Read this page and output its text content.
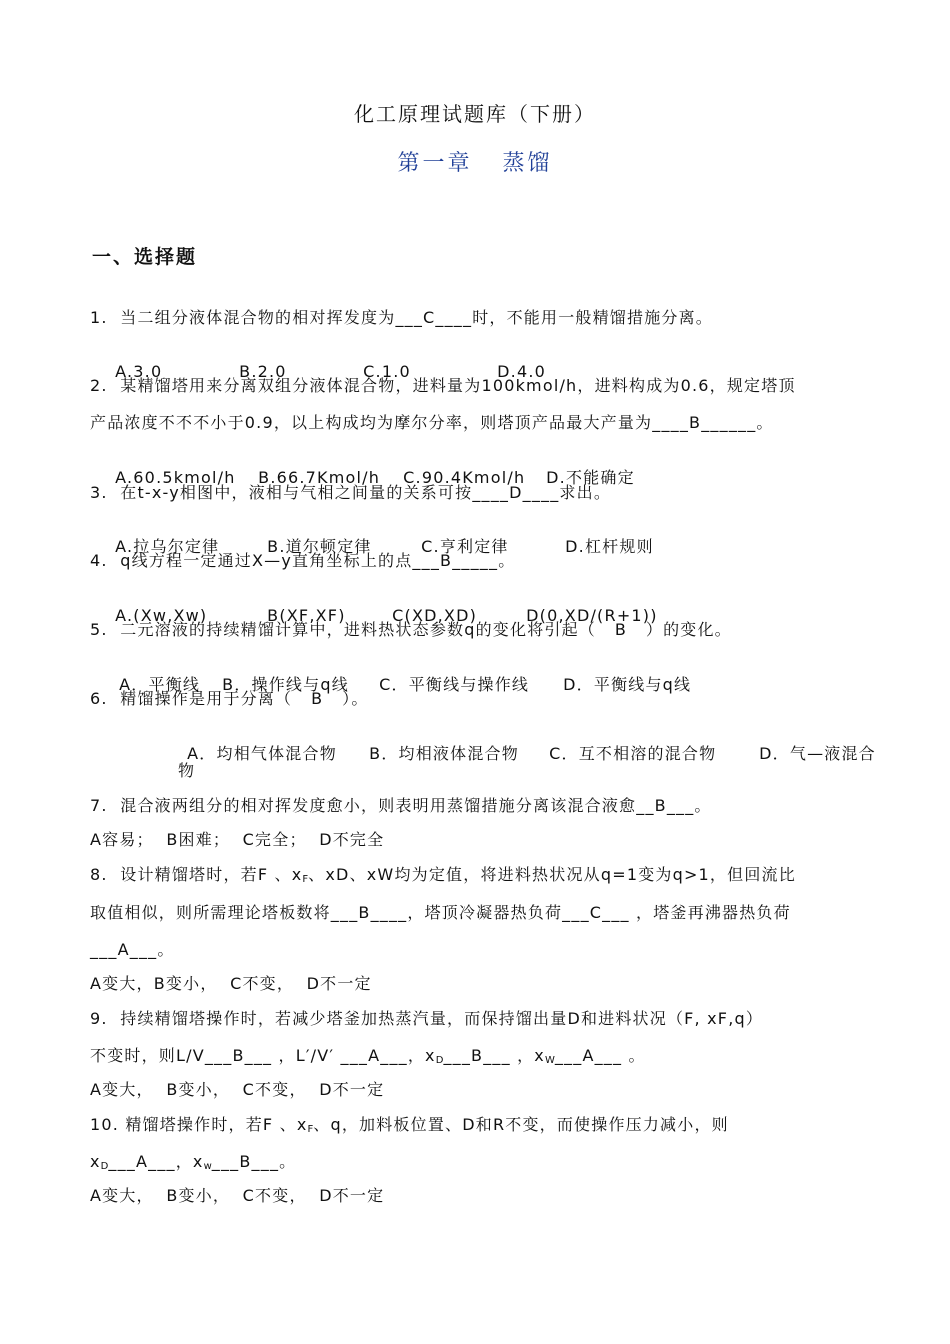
化工原理试题库（下册）
第一章   蒸馏
一、选择题
1.  当二组分液体混合物的相对挥发度为___C____时，不能用一般精馏措施分离。

A.3.0	B.2.0	C.1.0	D.4.0

2.  某精馏塔用来分离双组分液体混合物，进料量为100kmol/h，进料构成为0.6，规定塔顶
产品浓度不不不小于0.9，以上构成均为摩尔分率，则塔顶产品最大产量为____B______。

A.60.5kmol/h B.66.7Kmol/h C.90.4Kmol/h D.不能确定

3.  在t-x-y相图中，液相与气相之间量的关系可按____D____求出。

A.拉乌尔定律	B.道尔顿定律	C.亨利定律	D.杠杆规则

4.  q线方程一定通过X—y直角坐标上的点___B_____。

A.(Xw,Xw)	B(XF,XF)	C(XD,XD)	D(0,XD/(R+1))

5.  二元溶液的持续精馏计算中，进料热状态参数q的变化将引起（   B   ）的变化。

A．平衡线 B．操作线与q线 C．平衡线与操作线 D．平衡线与q线

6.  精馏操作是用于分离（   B   ）。

A．均相气体混合物 B．均相液体混合物 C．互不相溶的混合物	D．气—液混合

物
7.  混合液两组分的相对挥发度愈小，则表明用蒸馏措施分离该混合液愈__B___。
A容易；  B困难；  C完全；  D不完全
8.  设计精馏塔时，若F 、$x_F$、xD、xW均为定值，将进料热状况从q=1变为q>1，但回流比
取值相似，则所需理论塔板数将___B____，塔顶冷凝器热负荷___C___ ，塔釜再沸器热负荷
___A___。
A变大，B变小，  C不变，  D不一定
9.  持续精馏塔操作时，若减少塔釜加热蒸汽量，而保持馏出量D和进料状况（F, xF,q）
不变时，则L/V___B___ ，L′/V′ ___A___，$x_D\_\_\_B\_\_\_$ ，$x_W\_\_\_A\_\_\_$ 。
A变大，  B变小，  C不变，  D不一定
10. 精馏塔操作时，若F 、$x_F$、q，加料板位置、D和R不变，而使操作压力减小，则
$x_D\_\_\_A\_\_\_$，$x_w\_\_\_B\_\_\_$。
A变大，  B变小，  C不变，  D不一定
